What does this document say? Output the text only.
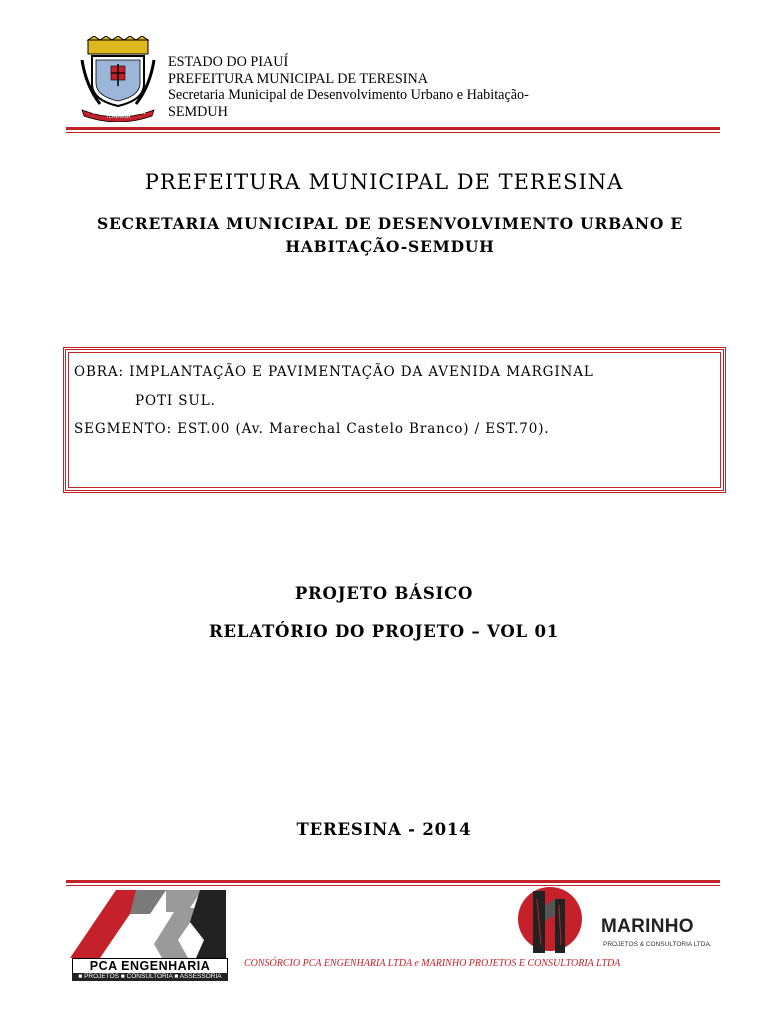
TERESINA
16 08	1852
ESTADO DO PIAUÍ
PREFEITURA MUNICIPAL DE TERESINA
Secretaria Municipal de Desenvolvimento Urbano e Habitação-
SEMDUH
PREFEITURA MUNICIPAL DE TERESINA
SECRETARIA MUNICIPAL DE DESENVOLVIMENTO URBANO E
HABITAÇÃO-SEMDUH
OBRA: IMPLANTAÇÃO E PAVIMENTAÇÃO DA AVENIDA MARGINAL
POTI SUL.
SEGMENTO: EST.00 (Av. Marechal Castelo Branco) / EST.70).
PROJETO BÁSICO
RELATÓRIO DO PROJETO – VOL 01
TERESINA - 2014
PCA ENGENHARIA
■ PROJETOS ■ CONSULTORIA ■ ASSESSORIA
MARINHO
PROJETOS & CONSULTORIA LTDA.
CONSÓRCIO PCA ENGENHARIA LTDA e MARINHO PROJETOS E CONSULTORIA LTDA
